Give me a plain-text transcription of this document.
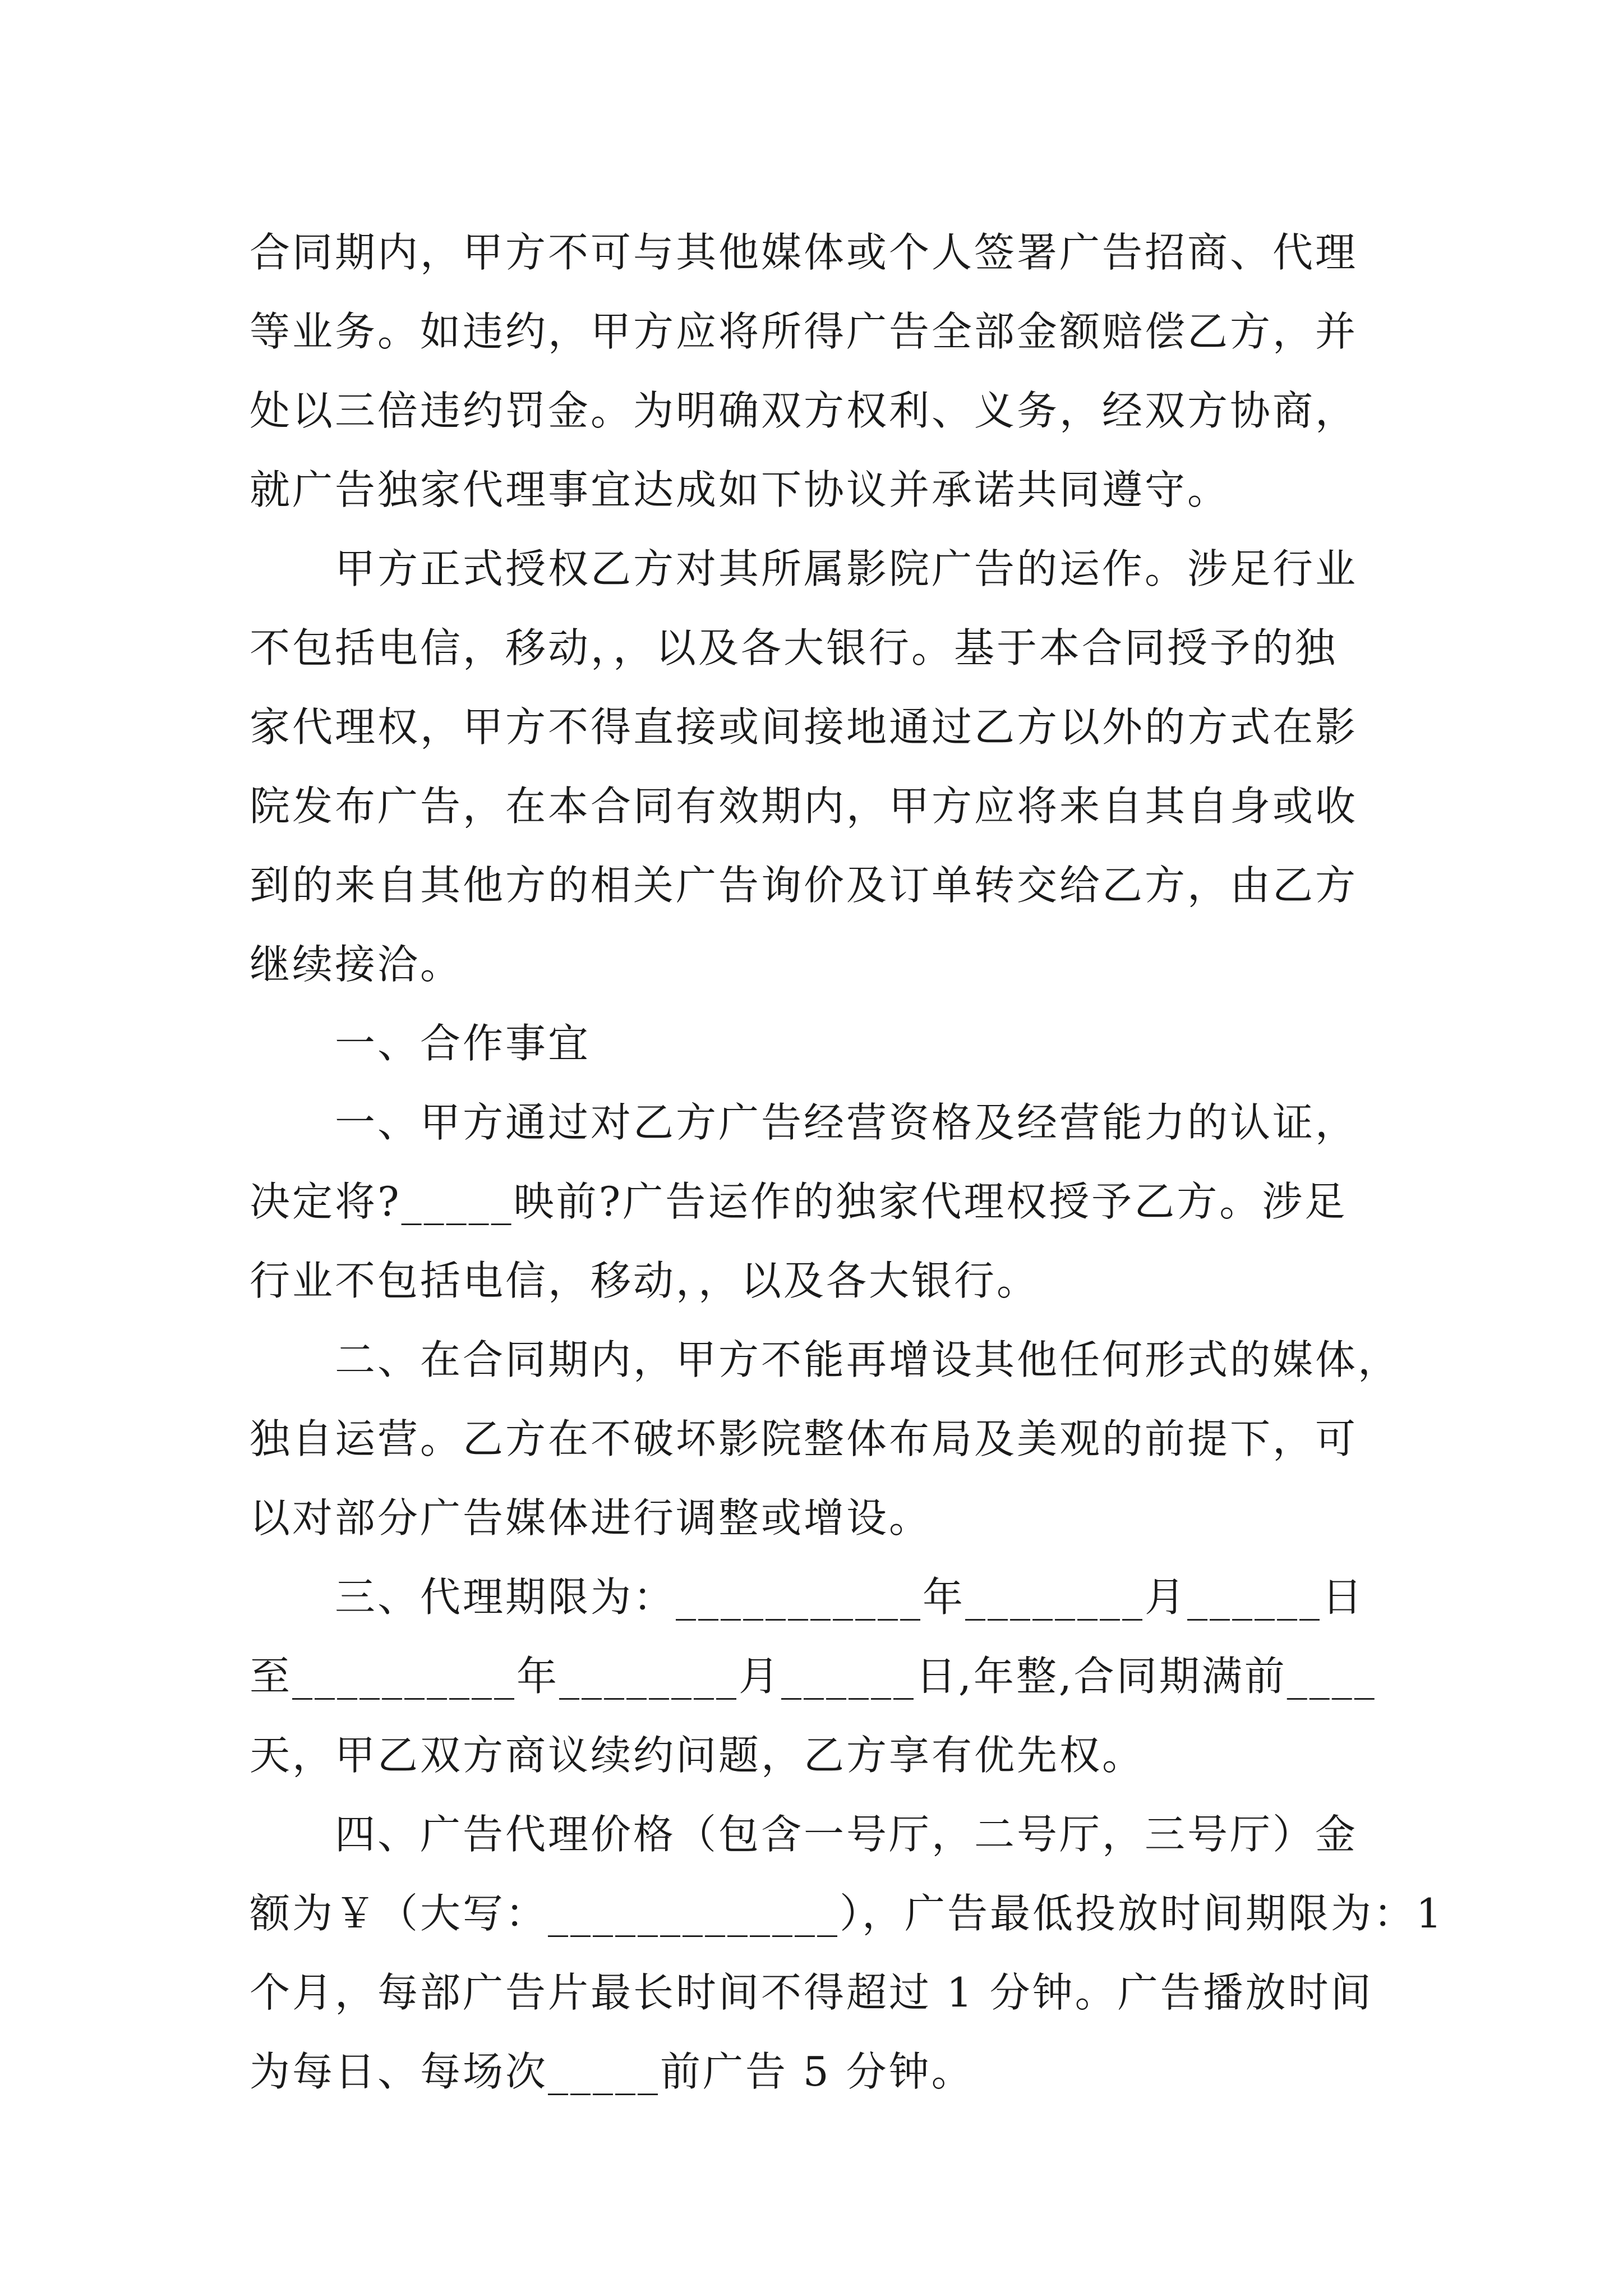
合同期内，甲方不可与其他媒体或个人签署广告招商、代理
等业务。如违约，甲方应将所得广告全部金额赔偿乙方，并
处以三倍违约罚金。为明确双方权利、义务，经双方协商，
就广告独家代理事宜达成如下协议并承诺共同遵守。
甲方正式授权乙方对其所属影院广告的运作。涉足行业
不包括电信，移动，，以及各大银行。基于本合同授予的独
家代理权，甲方不得直接或间接地通过乙方以外的方式在影
院发布广告，在本合同有效期内，甲方应将来自其自身或收
到的来自其他方的相关广告询价及订单转交给乙方，由乙方
继续接洽。
一、合作事宜
一、甲方通过对乙方广告经营资格及经营能力的认证，
决定将?_____映前?广告运作的独家代理权授予乙方。涉足
行业不包括电信，移动，，以及各大银行。
二、在合同期内，甲方不能再增设其他任何形式的媒体，
独自运营。乙方在不破坏影院整体布局及美观的前提下，可
以对部分广告媒体进行调整或增设。
三、代理期限为：___________年________月______日
至__________年________月______日,年整,合同期满前____
天，甲乙双方商议续约问题，乙方享有优先权。
四、广告代理价格（包含一号厅，二号厅，三号厅）金
额为￥（大写：_____________），广告最低投放时间期限为：1
个月，每部广告片最长时间不得超过 1 分钟。广告播放时间
为每日、每场次_____前广告 5 分钟。
